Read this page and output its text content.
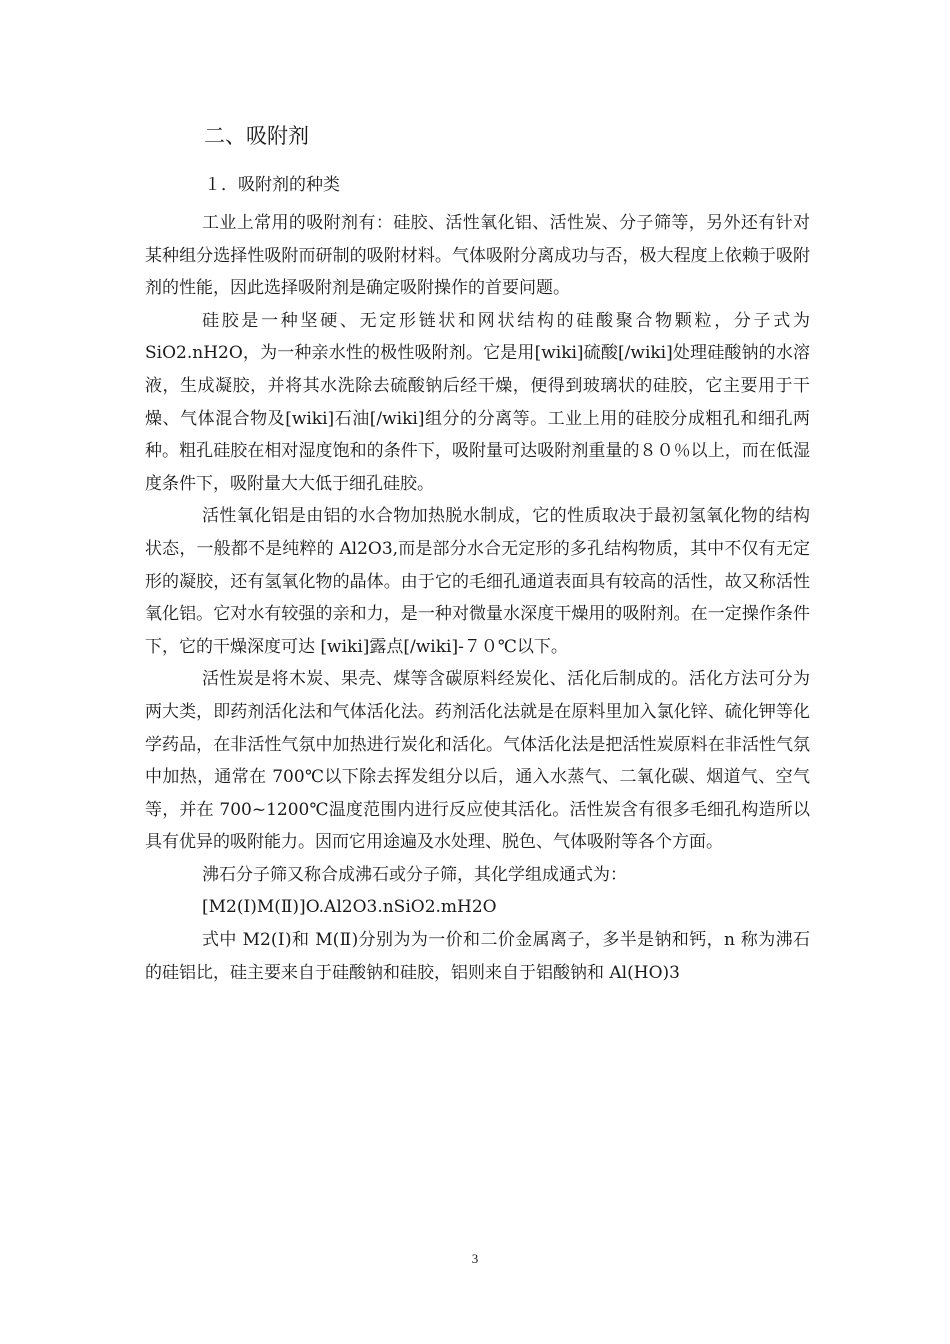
二、吸附剂
１．吸附剂的种类

工业上常用的吸附剂有：硅胶、活性氧化铝、活性炭、分子筛等，另外还有针对某种组分选择性吸附而研制的吸附材料。气体吸附分离成功与否，极大程度上依赖于吸附剂的性能，因此选择吸附剂是确定吸附操作的首要问题。

硅胶是一种坚硬、无定形链状和网状结构的硅酸聚合物颗粒，分子式为SiO2.nH2O，为一种亲水性的极性吸附剂。它是用[wiki]硫酸[/wiki]处理硅酸钠的水溶液，生成凝胶，并将其水洗除去硫酸钠后经干燥，便得到玻璃状的硅胶，它主要用于干燥、气体混合物及[wiki]石油[/wiki]组分的分离等。工业上用的硅胶分成粗孔和细孔两种。粗孔硅胶在相对湿度饱和的条件下，吸附量可达吸附剂重量的８０％以上，而在低湿度条件下，吸附量大大低于细孔硅胶。

活性氧化铝是由铝的水合物加热脱水制成，它的性质取决于最初氢氧化物的结构状态，一般都不是纯粹的 Al2O3,而是部分水合无定形的多孔结构物质，其中不仅有无定形的凝胶，还有氢氧化物的晶体。由于它的毛细孔通道表面具有较高的活性，故又称活性氧化铝。它对水有较强的亲和力，是一种对微量水深度干燥用的吸附剂。在一定操作条件下，它的干燥深度可达 [wiki]露点[/wiki]-７０℃以下。

活性炭是将木炭、果壳、煤等含碳原料经炭化、活化后制成的。活化方法可分为两大类，即药剂活化法和气体活化法。药剂活化法就是在原料里加入氯化锌、硫化钾等化学药品，在非活性气氛中加热进行炭化和活化。气体活化法是把活性炭原料在非活性气氛中加热，通常在 700℃以下除去挥发组分以后，通入水蒸气、二氧化碳、烟道气、空气等，并在 700~1200℃温度范围内进行反应使其活化。活性炭含有很多毛细孔构造所以具有优异的吸附能力。因而它用途遍及水处理、脱色、气体吸附等各个方面。

沸石分子筛又称合成沸石或分子筛，其化学组成通式为：

[M2(Ⅰ)M(Ⅱ)]O.Al2O3.nSiO2.mH2O

式中 M2(Ⅰ)和 M(Ⅱ)分别为为一价和二价金属离子，多半是钠和钙，n 称为沸石的硅铝比，硅主要来自于硅酸钠和硅胶，铝则来自于铝酸钠和 Al(HO)3

3
